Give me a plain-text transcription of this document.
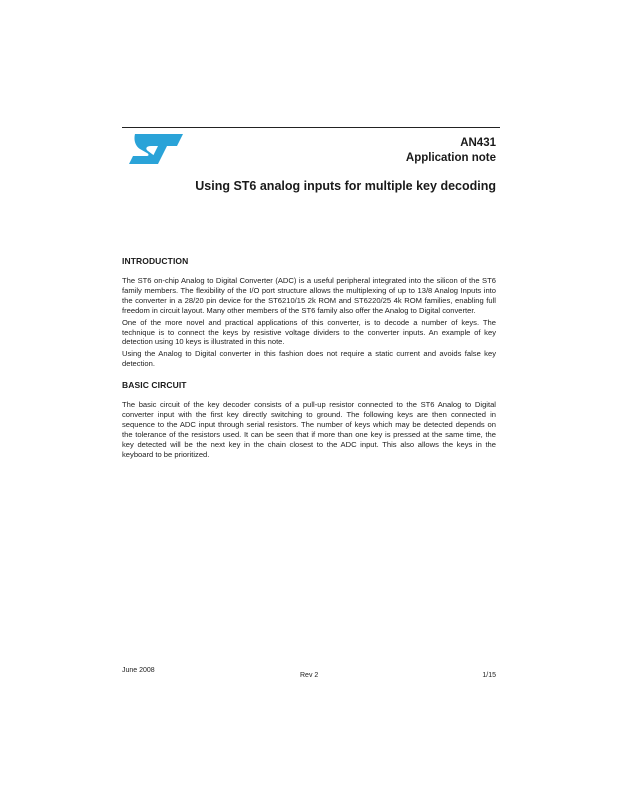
AN431
Application note
Using ST6 analog inputs for multiple key decoding
INTRODUCTION

The ST6 on-chip Analog to Digital Converter (ADC) is a useful peripheral integrated into the silicon of the ST6 family members. The flexibility of the I/O port structure allows the multiplexing of up to 13/8 Analog Inputs into the converter in a 28/20 pin device for the ST6210/15 2k ROM and ST6220/25 4k ROM families, enabling full freedom in circuit layout. Many other members of the ST6 family also offer the Analog to Digital converter.

One of the more novel and practical applications of this converter, is to decode a number of keys. The technique is to connect the keys by resistive voltage dividers to the converter inputs. An example of key detection using 10 keys is illustrated in this note.

Using the Analog to Digital converter in this fashion does not require a static current and avoids false key detection.

BASIC CIRCUIT

The basic circuit of the key decoder consists of a pull-up resistor connected to the ST6 Analog to Digital converter input with the first key directly switching to ground. The following keys are then connected in sequence to the ADC input through serial resistors. The number of keys which may be detected depends on the tolerance of the resistors used. It can be seen that if more than one key is pressed at the same time, the key detected will be the next key in the chain closest to the ADC input. This also allows the keys in the keyboard to be prioritized.

June 2008
Rev 2	1/15
